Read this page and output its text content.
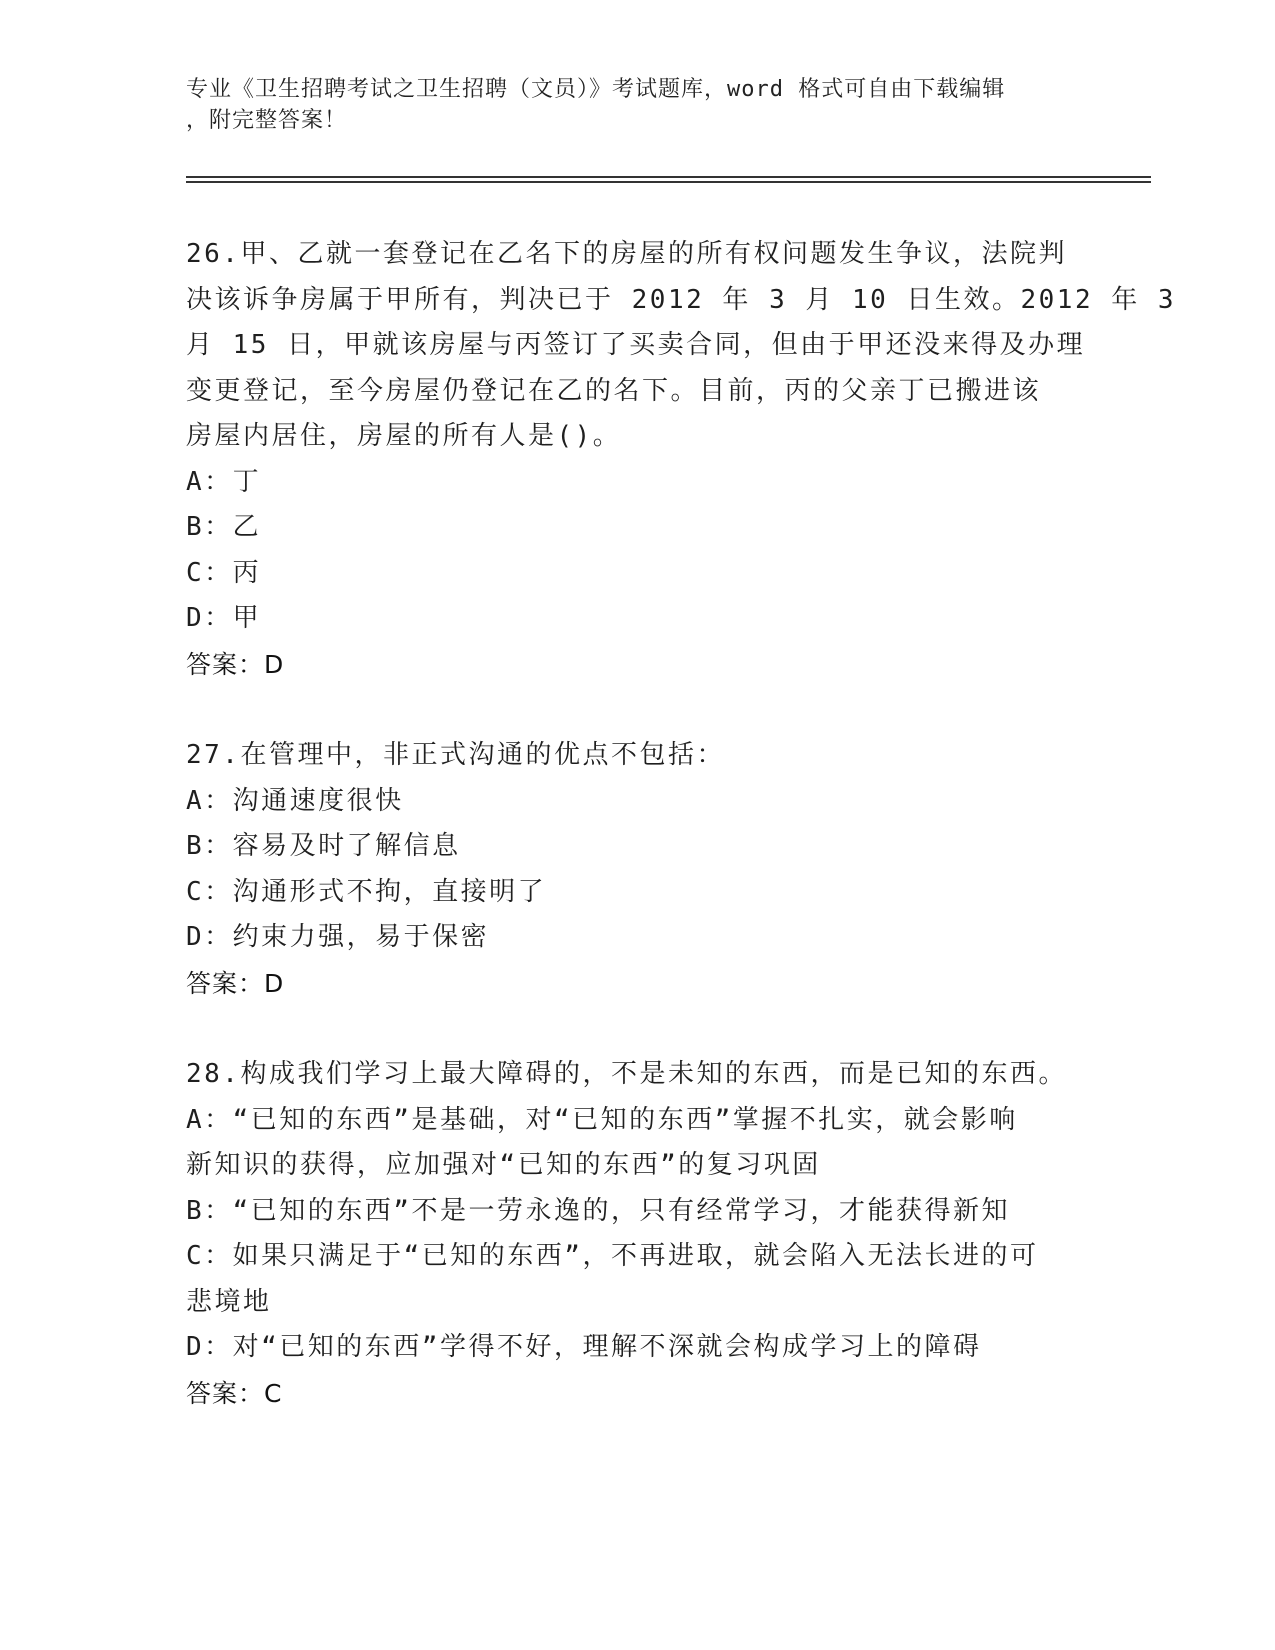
专业《卫生招聘考试之卫生招聘（文员）》考试题库，word 格式可自由下载编辑
，附完整答案！
26.甲、乙就一套登记在乙名下的房屋的所有权问题发生争议，法院判
决该诉争房属于甲所有，判决已于 2012 年 3 月 10 日生效。2012 年 3
月 15 日，甲就该房屋与丙签订了买卖合同，但由于甲还没来得及办理
变更登记，至今房屋仍登记在乙的名下。目前，丙的父亲丁已搬进该
房屋内居住，房屋的所有人是()。
A：丁
B：乙
C：丙
D：甲
答案：D
27.在管理中，非正式沟通的优点不包括：
A：沟通速度很快
B：容易及时了解信息
C：沟通形式不拘，直接明了
D：约束力强，易于保密
答案：D
28.构成我们学习上最大障碍的，不是未知的东西，而是已知的东西。
A：“已知的东西”是基础，对“已知的东西”掌握不扎实，就会影响
新知识的获得，应加强对“已知的东西”的复习巩固
B：“已知的东西”不是一劳永逸的，只有经常学习，才能获得新知
C：如果只满足于“已知的东西”，不再进取，就会陷入无法长进的可
悲境地
D：对“已知的东西”学得不好，理解不深就会构成学习上的障碍
答案：C
